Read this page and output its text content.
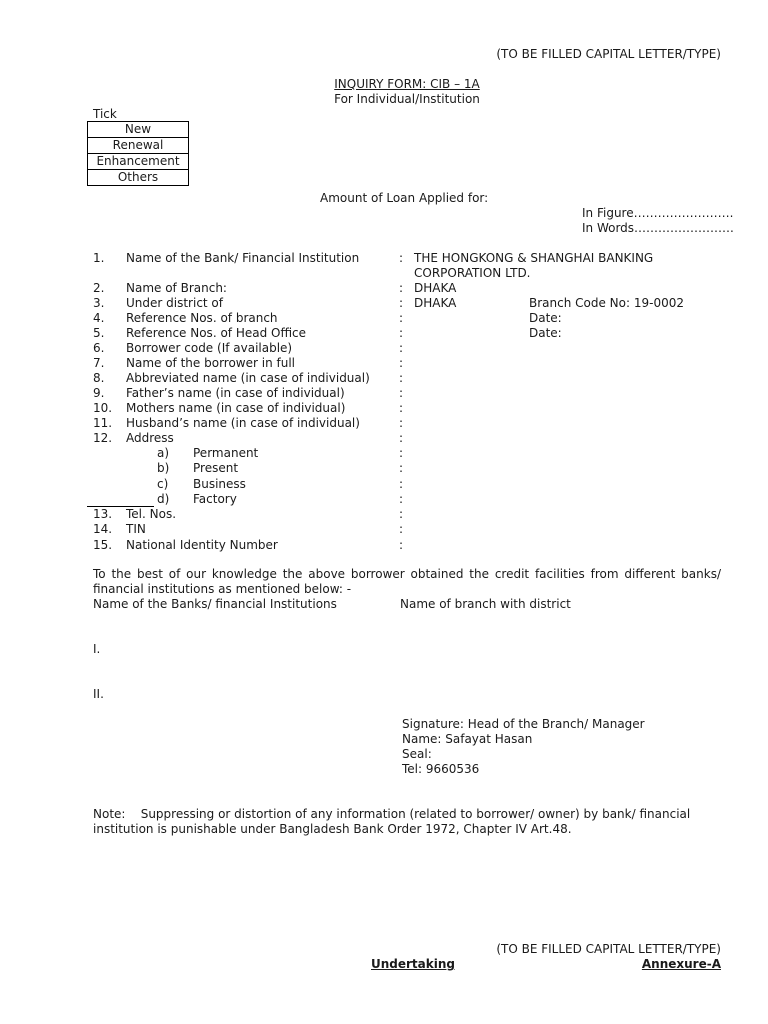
(TO BE FILLED CAPITAL LETTER/TYPE)
INQUIRY FORM: CIB – 1A
For Individual/Institution
Tick
New
Renewal
Enhancement
Others
Amount of Loan Applied for:
In Figure…………………….
In Words…………………….
1. Name of the Bank/ Financial Institution	: THE HONGKONG & SHANGHAI BANKING
CORPORATION LTD.
2. Name of Branch:	: DHAKA
3. Under district of	: DHAKA	Branch Code No: 19-0002
4. Reference Nos. of branch	:	Date:
5. Reference Nos. of Head Office	:	Date:
6. Borrower code (If available)	:
7. Name of the borrower in full	:
8. Abbreviated name (in case of individual) :
9. Father’s name (in case of individual)	:
10. Mothers name (in case of individual)	:
11. Husband’s name (in case of individual)	:
12. Address	:
a) Permanent	:
b) Present	:
c) Business	:
d) Factory	:
13. Tel. Nos.	:
14. TIN	:
15. National Identity Number	:
To the best of our knowledge the above borrower obtained the credit facilities from different banks/ financial institutions as mentioned below: -
Name of the Banks/ financial Institutions	Name of branch with district
I.
II.
Signature: Head of the Branch/ Manager
Name: Safayat Hasan
Seal:
Tel: 9660536
Note:    Suppressing or distortion of any information (related to borrower/ owner) by bank/ financial
institution is punishable under Bangladesh Bank Order 1972, Chapter IV Art.48.
(TO BE FILLED CAPITAL LETTER/TYPE)
Undertaking	Annexure-A
